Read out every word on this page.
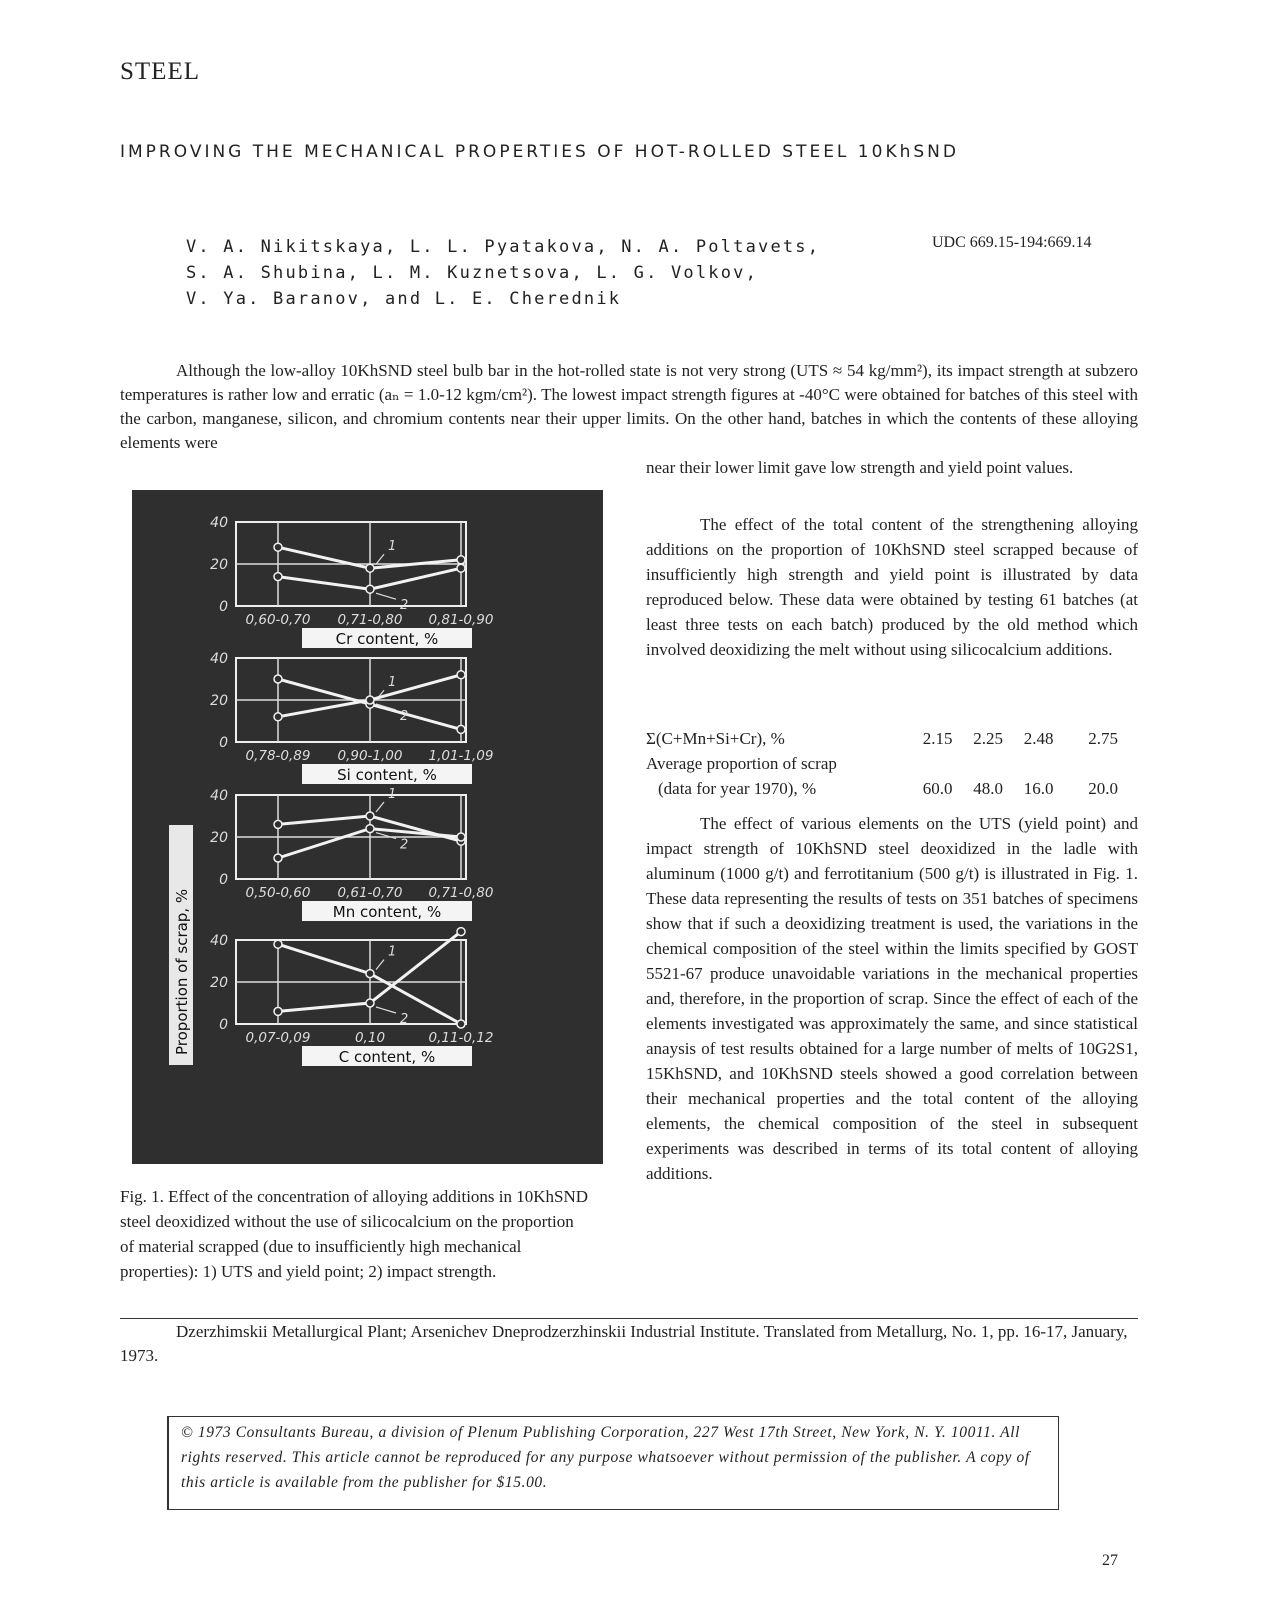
STEEL
IMPROVING THE MECHANICAL PROPERTIES OF HOT-ROLLED STEEL 10KhSND
V. A. Nikitskaya, L. L. Pyatakova, N. A. Poltavets,
S. A. Shubina, L. M. Kuznetsova, L. G. Volkov,
V. Ya. Baranov, and L. E. Cherednik
UDC 669.15-194:669.14
Although the low-alloy 10KhSND steel bulb bar in the hot-rolled state is not very strong (UTS ≈ 54 kg/mm²), its impact strength at subzero temperatures is rather low and erratic (aₙ = 1.0-12 kgm/cm²). The lowest impact strength figures at -40°C were obtained for batches of this steel with the carbon, manganese, silicon, and chromium contents near their upper limits. On the other hand, batches in which the contents of these alloying elements were
near their lower limit gave low strength and yield point values.
40
20
0
0,60-0,70 0,71-0,80 0,81-0,90
Cr content, %
1
2
40
20
0
0,78-0,89 0,90-1,00 1,01-1,09
Si content, %
1
2
40
20
0
0,50-0,60 0,61-0,70 0,71-0,80
Mn content, %
1
2
40
20
0
0,07-0,09	0,10	0,11-0,12
C content, %
1
2
Proportion of scrap, %
Fig. 1. Effect of the concentration of alloying additions in 10KhSND steel deoxidized without the use of silicocalcium on the proportion of material scrapped (due to insufficiently high mechanical properties): 1) UTS and yield point; 2) impact strength.

The effect of the total content of the strengthening alloying additions on the proportion of 10KhSND steel scrapped because of insufficiently high strength and yield point is illustrated by data reproduced below. These data were obtained by testing 61 batches (at least three tests on each batch) produced by the old method which involved deoxidizing the melt without using silicocalcium additions.

Σ(C+Mn+Si+Cr), %	2.15	2.25	2.48	2.75
Average proportion of scrap				
(data for year 1970), %	60.0	48.0	16.0	20.0

The effect of various elements on the UTS (yield point) and impact strength of 10KhSND steel deoxidized in the ladle with aluminum (1000 g/t) and ferrotitanium (500 g/t) is illustrated in Fig. 1. These data representing the results of tests on 351 batches of specimens show that if such a deoxidizing treatment is used, the variations in the chemical composition of the steel within the limits specified by GOST 5521-67 produce unavoidable variations in the mechanical properties and, therefore, in the proportion of scrap. Since the effect of each of the elements investigated was approximately the same, and since statistical anaysis of test results obtained for a large number of melts of 10G2S1, 15KhSND, and 10KhSND steels showed a good correlation between their mechanical properties and the total content of the alloying elements, the chemical composition of the steel in subsequent experiments was described in terms of its total content of alloying additions.

Dzerzhimskii Metallurgical Plant; Arsenichev Dneprodzerzhinskii Industrial Institute. Translated from Metallurg, No. 1, pp. 16-17, January, 1973.
© 1973 Consultants Bureau, a division of Plenum Publishing Corporation, 227 West 17th Street, New York, N. Y. 10011. All rights reserved. This article cannot be reproduced for any purpose whatsoever without permission of the publisher. A copy of this article is available from the publisher for $15.00.
27
